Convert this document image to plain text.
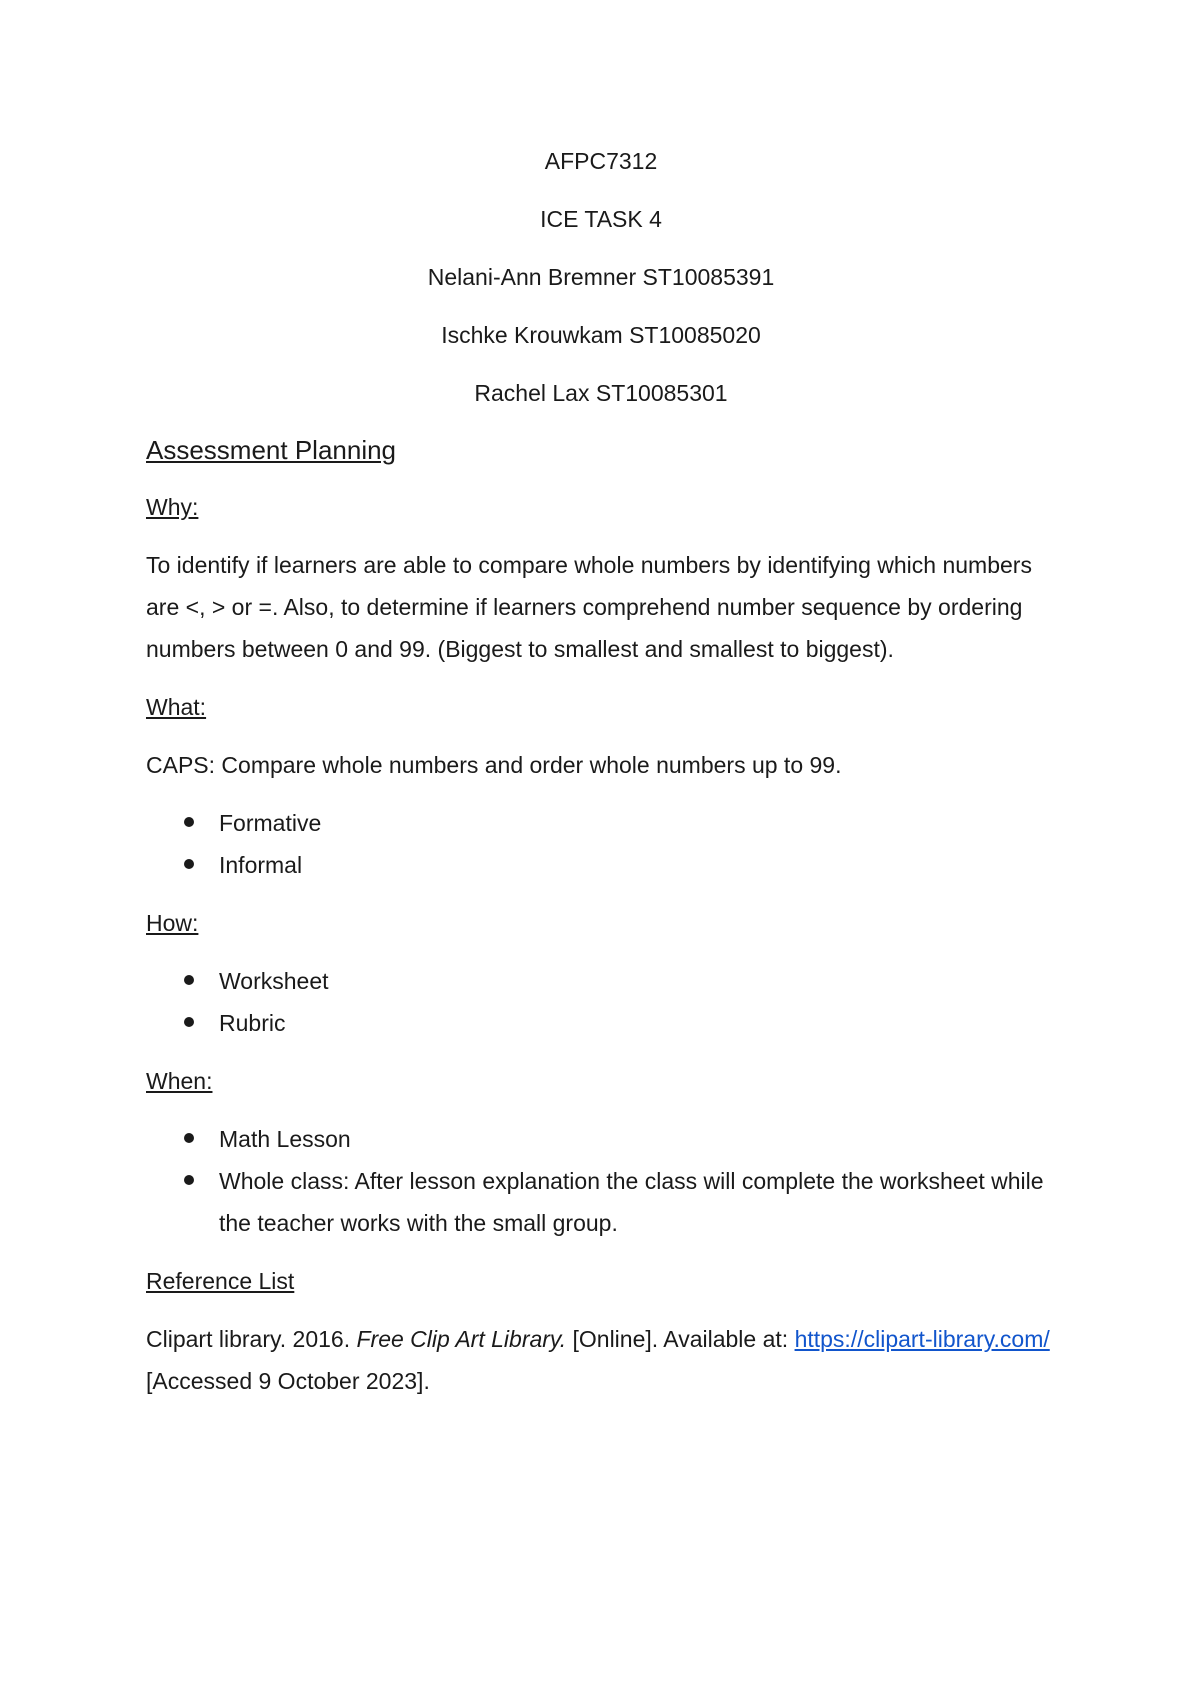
AFPC7312
ICE TASK 4
Nelani-Ann Bremner ST10085391
Ischke Krouwkam ST10085020
Rachel Lax ST10085301
Assessment Planning
Why:
To identify if learners are able to compare whole numbers by identifying which numbers are <, > or =. Also, to determine if learners comprehend number sequence by ordering numbers between 0 and 99. (Biggest to smallest and smallest to biggest).
What:
CAPS: Compare whole numbers and order whole numbers up to 99.
Formative
Informal
How:
Worksheet
Rubric
When:
Math Lesson
Whole class: After lesson explanation the class will complete the worksheet while the teacher works with the small group.
Reference List
Clipart library. 2016. Free Clip Art Library. [Online]. Available at: https://clipart-library.com/ [Accessed 9 October 2023].
